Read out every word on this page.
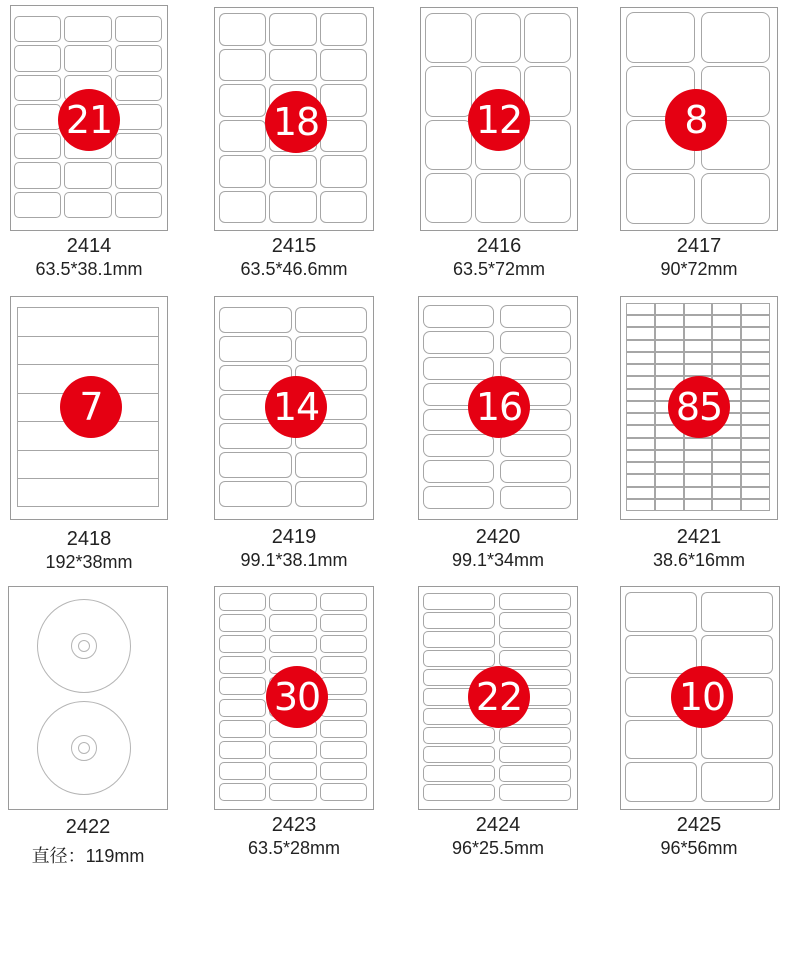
21
2414
63.5*38.1mm
18
2415
63.5*46.6mm
12
2416
63.5*72mm
8
2417
90*72mm
7
2418
192*38mm
14
2419
99.1*38.1mm
16
2420
99.1*34mm
85
2421
38.6*16mm
2422
直径：119mm
30
2423
63.5*28mm
22
2424
96*25.5mm
10
2425
96*56mm
